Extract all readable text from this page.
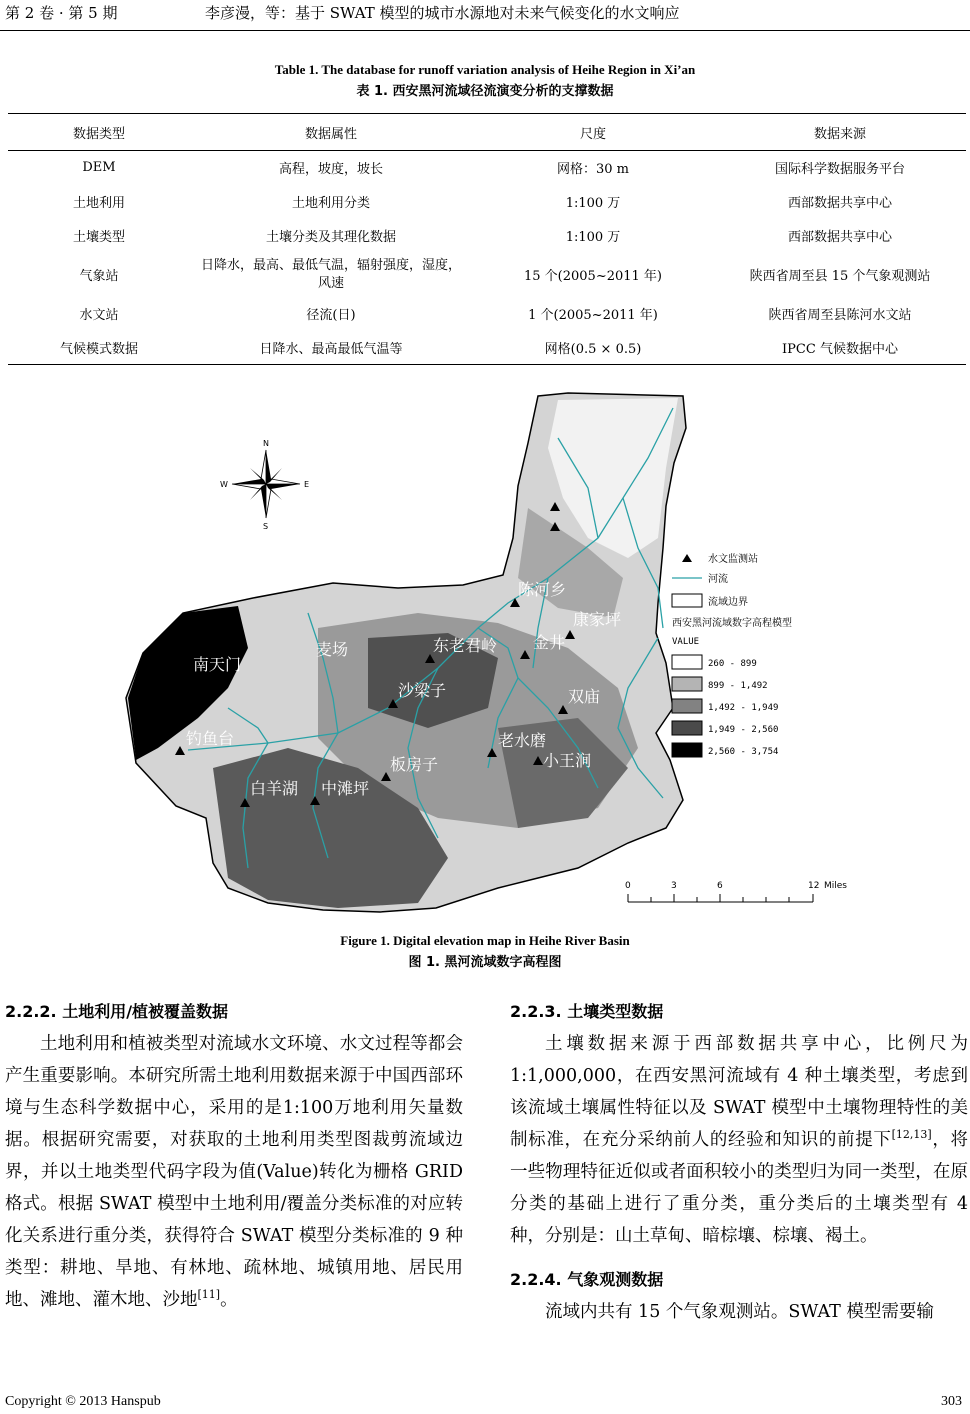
第 2 卷 · 第 5 期	李彦漫，等：基于 SWAT 模型的城市水源地对未来气候变化的水文响应
Table 1. The database for runoff variation analysis of Heihe Region in Xi’an
表 1. 西安黑河流域径流演变分析的支撑数据
数据类型	数据属性	尺度	数据来源
DEM	高程，坡度，坡长	网格：30 m	国际科学数据服务平台
土地利用	土地利用分类	1:100 万	西部数据共享中心
土壤类型	土壤分类及其理化数据	1:100 万	西部数据共享中心
气象站	日降水，最高、最低气温，辐射强度，湿度，风速	15 个(2005~2011 年)	陕西省周至县 15 个气象观测站
水文站	径流(日)	1 个(2005~2011 年)	陕西省周至县陈河水文站
气候模式数据	日降水、最高最低气温等	网格(0.5 × 0.5)	IPCC 气候数据中心
陈河乡
康家坪
东老君岭 金井
麦场
南天门
沙梁子	双庙
钓鱼台	老水磨
小王涧
板房子
白羊湖 中滩坪
N
S
E
W
水文监测站
河流
流域边界
西安黑河流域数字高程模型
VALUE
260 - 899
899 - 1,492
1,492 - 1,949
1,949 - 2,560
2,560 - 3,754
0	3	6	12 Miles
Figure 1. Digital elevation map in Heihe River Basin
图 1. 黑河流域数字高程图
2.2.2. 土地利用/植被覆盖数据

土地利用和植被类型对流域水文环境、水文过程等都会产生重要影响。本研究所需土地利用数据来源于中国西部环境与生态科学数据中心，采用的是1:100万地利用矢量数据。根据研究需要，对获取的土地利用类型图裁剪流域边界，并以土地类型代码字段为值(Value)转化为栅格 GRID 格式。根据 SWAT 模型中土地利用/覆盖分类标准的对应转化关系进行重分类，获得符合 SWAT 模型分类标准的 9 种类型：耕地、旱地、有林地、疏林地、城镇用地、居民用地、滩地、灌木地、沙地[11]。

2.2.3. 土壤类型数据

土壤数据来源于西部数据共享中心，比例尺为1:1,000,000，在西安黑河流域有 4 种土壤类型，考虑到该流域土壤属性特征以及 SWAT 模型中土壤物理特性的美制标准，在充分采纳前人的经验和知识的前提下[12,13]，将一些物理特征近似或者面积较小的类型归为同一类型，在原分类的基础上进行了重分类，重分类后的土壤类型有 4 种，分别是：山土草甸、暗棕壤、棕壤、褐土。

2.2.4. 气象观测数据

流域内共有 15 个气象观测站。SWAT 模型需要输

Copyright © 2013 Hanspub	303
